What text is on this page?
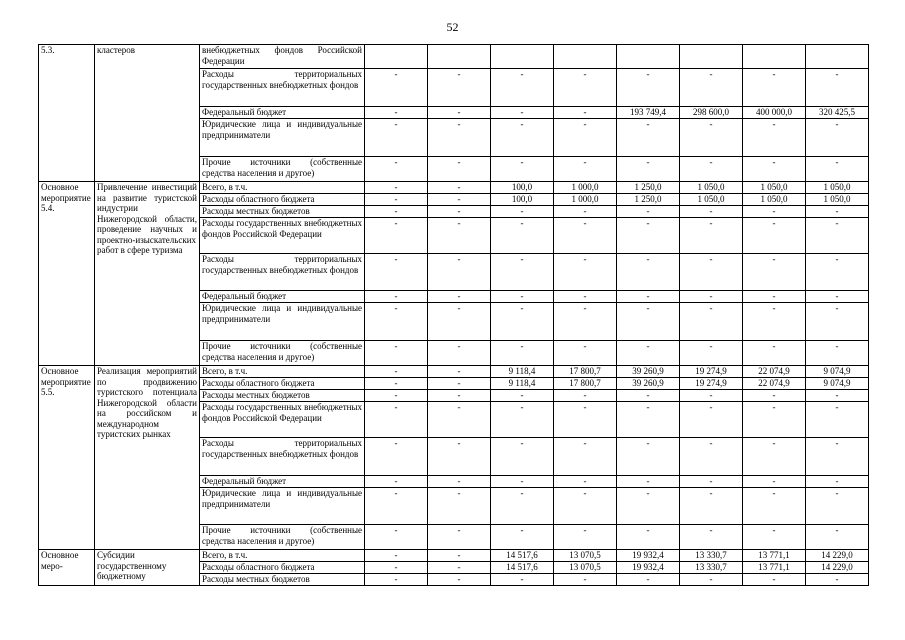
52
5.3.	кластеров	внебюджетных фондов Российской Федерации								

		Расходы территориальных государственных внебюджетных фондов	-	-	-	-	-	-	-	-

		Федеральный бюджет	-	-	-	-	193 749,4	298 600,0	400 000,0	320 425,5

		Юридические лица и индивидуальные предприниматели	-	-	-	-	-	-	-	-

		Прочие источники (собственные средства населения и другое)	-	-	-	-	-	-	-	-

Основное мероприятие 5.4.	Привлечение инвестиций на развитие туристской индустрии Нижегородской области, проведение научных и проектно-изыскательских работ в сфере туризма	Всего, в т.ч.	-	-	100,0	1 000,0	1 250,0	1 050,0	1 050,0	1 050,0

		Расходы областного бюджета	-	-	100,0	1 000,0	1 250,0	1 050,0	1 050,0	1 050,0

		Расходы местных бюджетов	-	-	-	-	-	-	-	-

		Расходы государственных внебюджетных фондов Российской Федерации	-	-	-	-	-	-	-	-

		Расходы территориальных государственных внебюджетных фондов	-	-	-	-	-	-	-	-

		Федеральный бюджет	-	-	-	-	-	-	-	-

		Юридические лица и индивидуальные предприниматели	-	-	-	-	-	-	-	-

		Прочие источники (собственные средства населения и другое)	-	-	-	-	-	-	-	-

Основное мероприятие 5.5.	Реализация мероприятий по продвижению туристского потенциала Нижегородской области на российском и международном туристских рынках	Всего, в т.ч.	-	-	9 118,4	17 800,7	39 260,9	19 274,9	22 074,9	9 074,9

		Расходы областного бюджета	-	-	9 118,4	17 800,7	39 260,9	19 274,9	22 074,9	9 074,9

		Расходы местных бюджетов	-	-	-	-	-	-	-	-

		Расходы государственных внебюджетных фондов Российской Федерации	-	-	-	-	-	-	-	-

		Расходы территориальных государственных внебюджетных фондов	-	-	-	-	-	-	-	-

		Федеральный бюджет	-	-	-	-	-	-	-	-

		Юридические лица и индивидуальные предприниматели	-	-	-	-	-	-	-	-

		Прочие источники (собственные средства населения и другое)	-	-	-	-	-	-	-	-

Основное меро-	Субсидии государственному бюджетному	Всего, в т.ч.	-	-	14 517,6	13 070,5	19 932,4	13 330,7	13 771,1	14 229,0

		Расходы областного бюджета	-	-	14 517,6	13 070,5	19 932,4	13 330,7	13 771,1	14 229,0

		Расходы местных бюджетов	-	-	-	-	-	-	-	-
